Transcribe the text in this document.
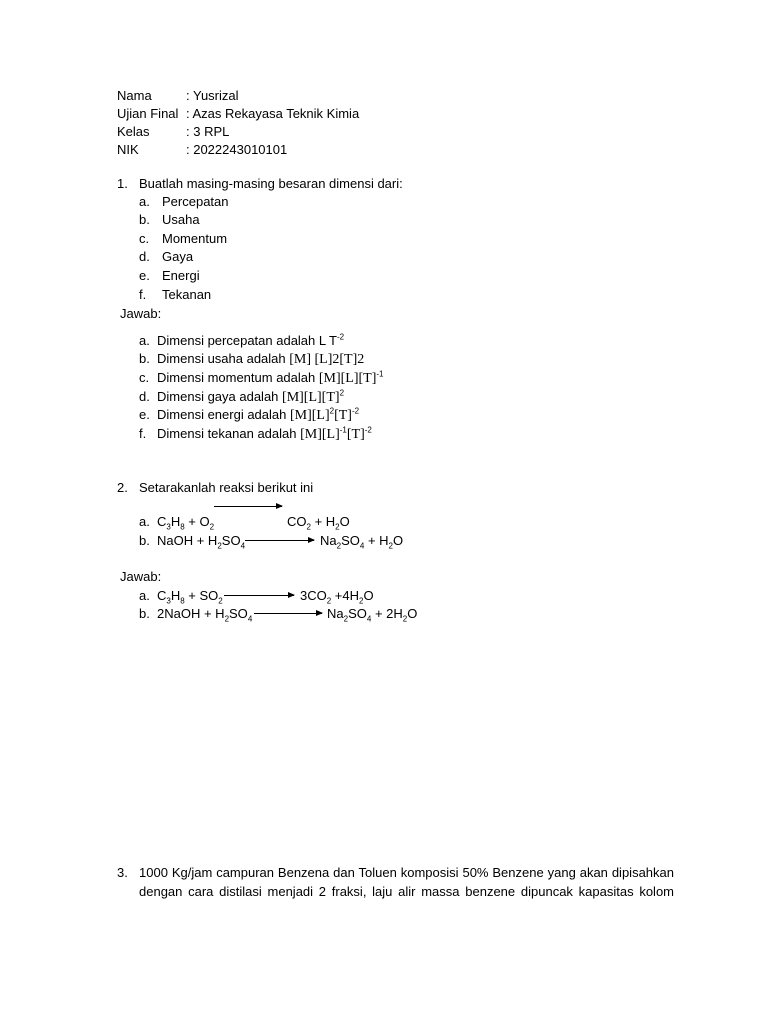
Nama	: Yusrizal
Ujian Final : Azas Rekayasa Teknik Kimia
Kelas	: 3 RPL
NIK	: 2022243010101
1. Buatlah masing-masing besaran dimensi dari:
a. Percepatan
b. Usaha
c. Momentum
d. Gaya
e. Energi
f. Tekanan
Jawab:
a. Dimensi percepatan adalah L $T^{-2}$
b. Dimensi usaha adalah [M] [L]2[T]2
c. Dimensi momentum adalah $[M][L][T]^{-1}$
d. Dimensi gaya adalah $[M][L][T]^2$
e. Dimensi energi adalah $[M][L]^2[T]^{-2}$
f. Dimensi tekanan adalah $[M][L]^{-1}[T]^{-2}$
2. Setarakanlah reaksi berikut ini
a. $C_3H_8 + O_2$	$CO_2 + H_2O$
b. NaOH + $H_2SO_4$	$Na_2SO_4 + H_2O$
Jawab:
a. $C_3H_8 + SO_2$	$3CO_2 +4H_2O$
b. 2NaOH + $H_2SO_4$	$Na_2SO_4 + 2H_2O$
3. 1000 Kg/jam campuran Benzena dan Toluen komposisi 50% Benzene yang akan dipisahkan dengan cara distilasi menjadi 2 fraksi, laju alir massa benzene dipuncak kapasitas kolom
